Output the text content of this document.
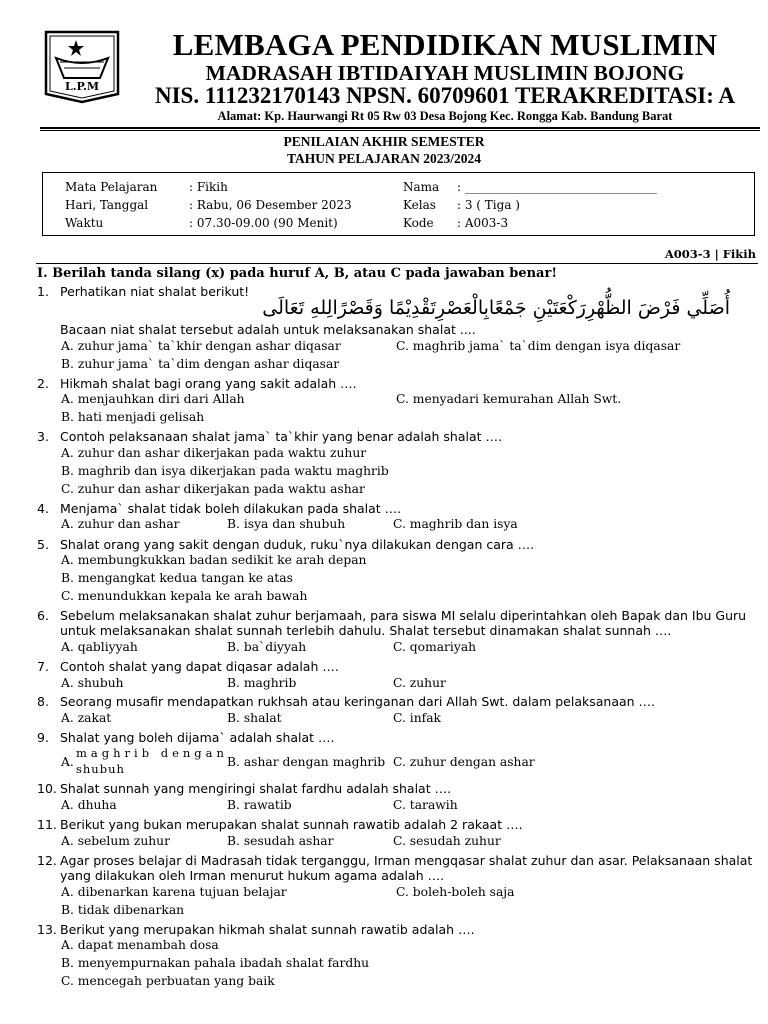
L.P.M
LEMBAGA PENDIDIKAN MUSLIMIN
MADRASAH IBTIDAIYAH MUSLIMIN BOJONG
NIS. 111232170143 NPSN. 60709601 TERAKREDITASI: A
Alamat: Kp. Haurwangi Rt 05 Rw 03 Desa Bojong Kec. Rongga Kab. Bandung Barat
PENILAIAN AKHIR SEMESTER
TAHUN PELAJARAN 2023/2024
Mata Pelajaran	: Fikih
Hari, Tanggal	: Rabu, 06 Desember 2023
Waktu	: 07.30-09.00 (90 Menit)
Nama : ________________________________
Kelas : 3 ( Tiga )
Kode : A003-3
A003-3 | Fikih
I. Berilah tanda silang (x) pada huruf A, B, atau C pada jawaban benar!
1. Perhatikan niat shalat berikut!
أُصَلِّي فَرْضَ الظُّهْرِرَكْعَتَيْنِ جَمْعًابِالْعَصْرِتَقْدِيْمًا وَقَصْرًالِلهِ تَعَالَى
Bacaan niat shalat tersebut adalah untuk melaksanakan shalat ....
A. zuhur jama` ta`khir dengan ashar diqasar	C. maghrib jama` ta`dim dengan isya diqasar
B. zuhur jama` ta`dim dengan ashar diqasar
2. Hikmah shalat bagi orang yang sakit adalah ….
A. menjauhkan diri dari Allah	C. menyadari kemurahan Allah Swt.
B. hati menjadi gelisah
3. Contoh pelaksanaan shalat jama` ta`khir yang benar adalah shalat ….
A. zuhur dan ashar dikerjakan pada waktu zuhur
B. maghrib dan isya dikerjakan pada waktu maghrib
C. zuhur dan ashar dikerjakan pada waktu ashar
4. Menjama` shalat tidak boleh dilakukan pada shalat ….
A. zuhur dan ashar	B. isya dan shubuh	C. maghrib dan isya
5. Shalat orang yang sakit dengan duduk, ruku`nya dilakukan dengan cara ….
A. membungkukkan badan sedikit ke arah depan
B. mengangkat kedua tangan ke atas
C. menundukkan kepala ke arah bawah
6. Sebelum melaksanakan shalat zuhur berjamaah, para siswa MI selalu diperintahkan oleh Bapak dan Ibu Guru untuk melaksanakan shalat sunnah terlebih dahulu. Shalat tersebut dinamakan shalat sunnah ….
A. qabliyyah	B. ba`diyyah	C. qomariyah
7. Contoh shalat yang dapat diqasar adalah ….
A. shubuh	B. maghrib	C. zuhur
8. Seorang musafir mendapatkan rukhsah atau keringanan dari Allah Swt. dalam pelaksanaan ….
A. zakat	B. shalat	C. infak
9. Shalat yang boleh dijama` adalah shalat ….
A.
maghrib dengan
shubuh	B. ashar dengan maghrib C. zuhur dengan ashar
10. Shalat sunnah yang mengiringi shalat fardhu adalah shalat ….
A. dhuha	B. rawatib	C. tarawih
11. Berikut yang bukan merupakan shalat sunnah rawatib adalah 2 rakaat ….
A. sebelum zuhur	B. sesudah ashar	C. sesudah zuhur
12. Agar proses belajar di Madrasah tidak terganggu, Irman mengqasar shalat zuhur dan asar. Pelaksanaan shalat yang dilakukan oleh Irman menurut hukum agama adalah ….
A. dibenarkan karena tujuan belajar	C. boleh-boleh saja
B. tidak dibenarkan
13. Berikut yang merupakan hikmah shalat sunnah rawatib adalah ….
A. dapat menambah dosa
B. menyempurnakan pahala ibadah shalat fardhu
C. mencegah perbuatan yang baik
